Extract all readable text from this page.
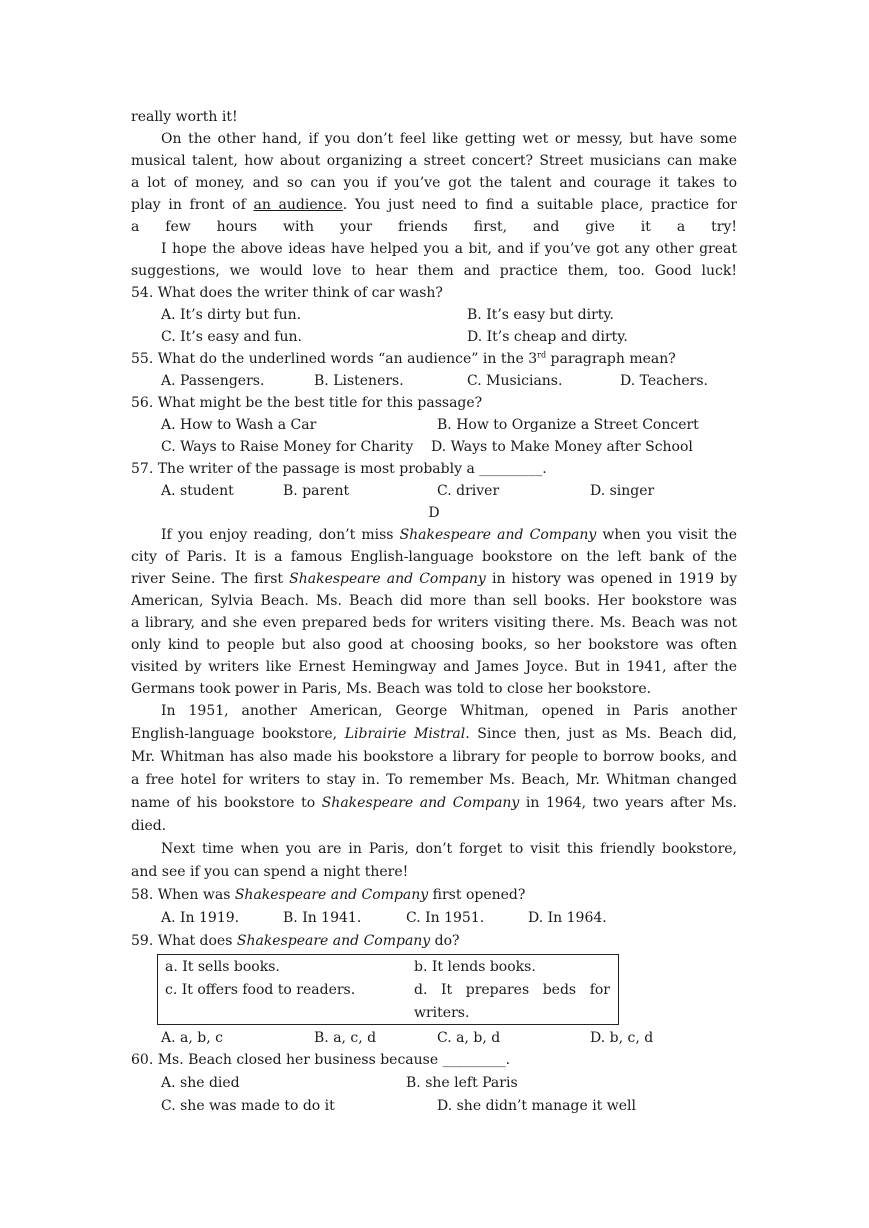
really worth it!
On the other hand, if you don’t feel like getting wet or messy, but have some
musical talent, how about organizing a street concert? Street musicians can make
a lot of money, and so can you if you’ve got the talent and courage it takes to
play in front of an audience. You just need to find a suitable place, practice for
a few hours with your friends first, and give it a try!
I hope the above ideas have helped you a bit, and if you’ve got any other great
suggestions, we would love to hear them and practice them, too. Good luck!
54. What does the writer think of car wash?
A. It’s dirty but fun.	B. It’s easy but dirty.
C. It’s easy and fun.	D. It’s cheap and dirty.
55. What do the underlined words “an audience” in the 3rd paragraph mean?
A. Passengers.	B. Listeners.	C. Musicians.	D. Teachers.
56. What might be the best title for this passage?
A. How to Wash a Car	B. How to Organize a Street Concert
C. Ways to Raise Money for Charity D. Ways to Make Money after School
57. The writer of the passage is most probably a _________.
A. student	B. parent	C. driver	D. singer
D
If you enjoy reading, don’t miss Shakespeare and Company when you visit the
city of Paris. It is a famous English-language bookstore on the left bank of the
river Seine. The first Shakespeare and Company in history was opened in 1919 by
American, Sylvia Beach. Ms. Beach did more than sell books. Her bookstore was
a library, and she even prepared beds for writers visiting there. Ms. Beach was not
only kind to people but also good at choosing books, so her bookstore was often
visited by writers like Ernest Hemingway and James Joyce. But in 1941, after the
Germans took power in Paris, Ms. Beach was told to close her bookstore.
In 1951, another American, George Whitman, opened in Paris another
English-language bookstore, Librairie Mistral. Since then, just as Ms. Beach did,
Mr. Whitman has also made his bookstore a library for people to borrow books, and
a free hotel for writers to stay in. To remember Ms. Beach, Mr. Whitman changed
name of his bookstore to Shakespeare and Company in 1964, two years after Ms.
died.
Next time when you are in Paris, don’t forget to visit this friendly bookstore,
and see if you can spend a night there!
58. When was Shakespeare and Company first opened?
A. In 1919.	B. In 1941.	C. In 1951.	D. In 1964.
59. What does Shakespeare and Company do?
a. It sells books.	b. It lends books.
c. It offers food to readers.	d. It prepares beds for
writers.
A. a, b, c	B. a, c, d	C. a, b, d	D. b, c, d
60. Ms. Beach closed her business because _________.
A. she died	B. she left Paris
C. she was made to do it	D. she didn’t manage it well
